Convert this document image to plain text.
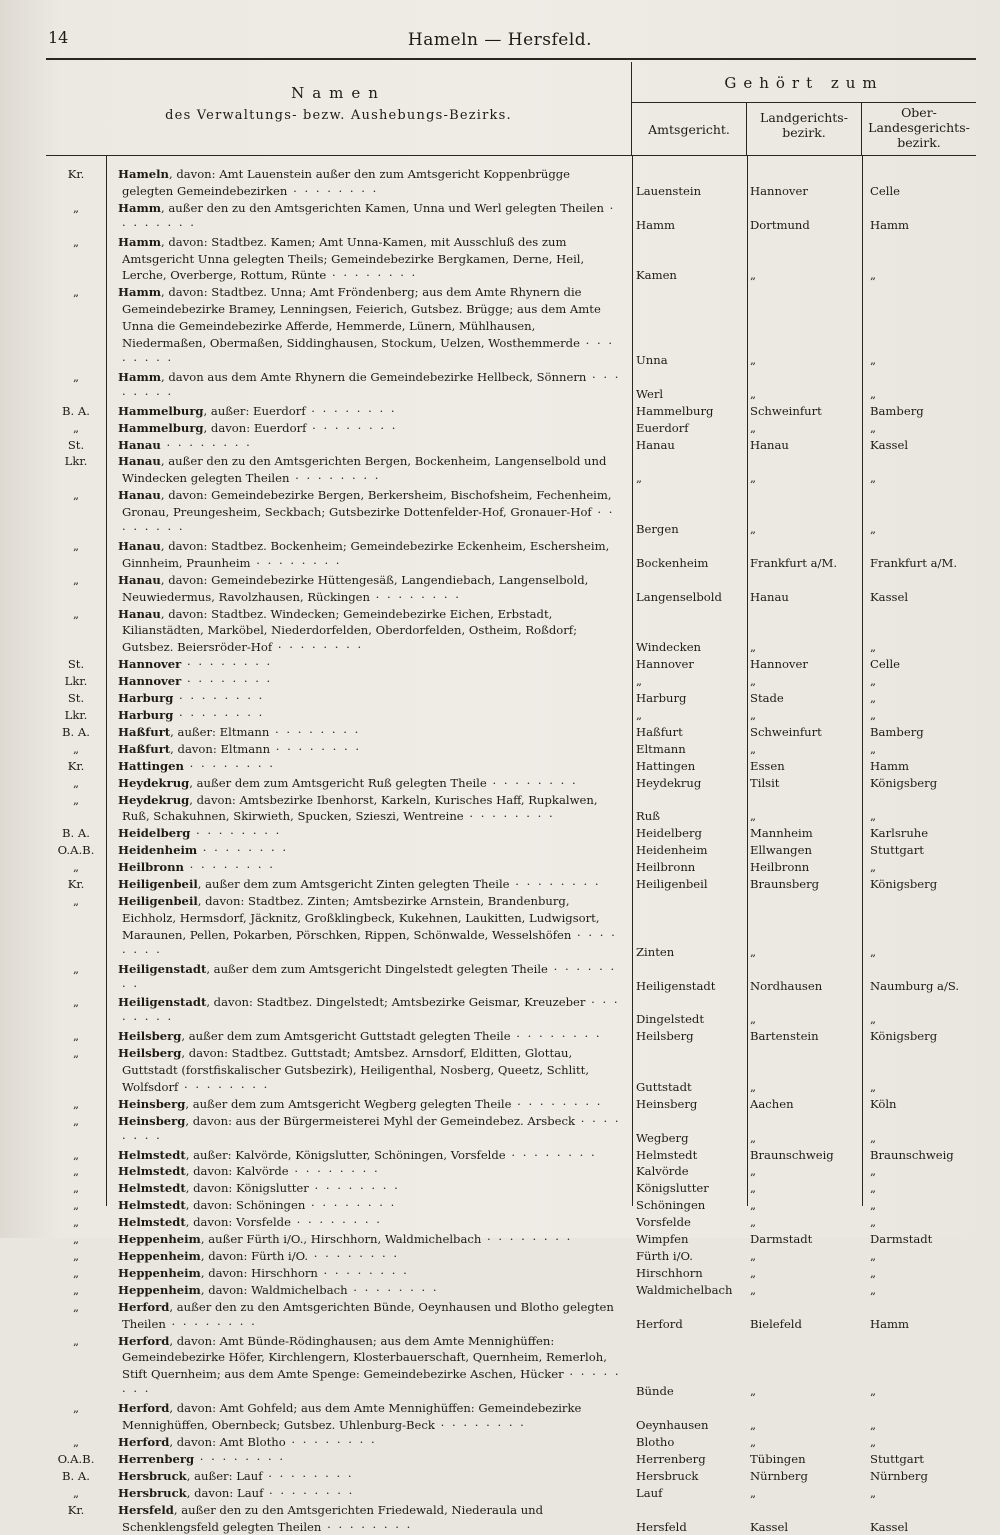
14	Hameln — Hersfeld.
Namen
des Verwaltungs- bezw. Aushebungs-Bezirks.
Gehört zum
Amtsgericht.
Landgerichts-bezirk.
Ober-Landesgerichts-bezirk.
Kr.	Hameln, davon: Amt Lauenstein außer den zum Amtsgericht Koppenbrügge gelegten Gemeindebezirken · · · · · · · ·	Lauenstein	Hannover	Celle
„	Hamm, außer den zu den Amtsgerichten Kamen, Unna und Werl gelegten Theilen · · · · · · · ·	Hamm	Dortmund	Hamm
„	Hamm, davon: Stadtbez. Kamen; Amt Unna-Kamen, mit Ausschluß des zum Amtsgericht Unna gelegten Theils; Gemeindebezirke Bergkamen, Derne, Heil, Lerche, Overberge, Rottum, Rünte · · · · · · · ·	Kamen	„	„
„	Hamm, davon: Stadtbez. Unna; Amt Fröndenberg; aus dem Amte Rhynern die Gemeindebezirke Bramey, Lenningsen, Feierich, Gutsbez. Brügge; aus dem Amte Unna die Gemeindebezirke Afferde, Hemmerde, Lünern, Mühlhausen, Niedermaßen, Obermaßen, Siddinghausen, Stockum, Uelzen, Wosthemmerde · · · · · · · ·	Unna	„	„
„	Hamm, davon aus dem Amte Rhynern die Gemeindebezirke Hellbeck, Sönnern · · · · · · · ·	Werl	„	„
B. A.	Hammelburg, außer: Euerdorf · · · · · · · ·	Hammelburg	Schweinfurt	Bamberg
„	Hammelburg, davon: Euerdorf · · · · · · · ·	Euerdorf	„	„
St.	Hanau · · · · · · · ·	Hanau	Hanau	Kassel
Lkr.	Hanau, außer den zu den Amtsgerichten Bergen, Bockenheim, Langenselbold und Windecken gelegten Theilen · · · · · · · ·	„	„	„
„	Hanau, davon: Gemeindebezirke Bergen, Berkersheim, Bischofsheim, Fechenheim, Gronau, Preungesheim, Seckbach; Gutsbezirke Dottenfelder-Hof, Gronauer-Hof · · · · · · · ·	Bergen	„	„
„	Hanau, davon: Stadtbez. Bockenheim; Gemeindebezirke Eckenheim, Eschersheim, Ginnheim, Praunheim · · · · · · · ·	Bockenheim	Frankfurt a/M.	Frankfurt a/M.
„	Hanau, davon: Gemeindebezirke Hüttengesäß, Langendiebach, Langenselbold, Neuwiedermus, Ravolzhausen, Rückingen · · · · · · · ·	Langenselbold	Hanau	Kassel
„	Hanau, davon: Stadtbez. Windecken; Gemeindebezirke Eichen, Erbstadt, Kilianstädten, Marköbel, Niederdorfelden, Oberdorfelden, Ostheim, Roßdorf; Gutsbez. Beiersröder-Hof · · · · · · · ·	Windecken	„	„
St.	Hannover · · · · · · · ·	Hannover	Hannover	Celle
Lkr.	Hannover · · · · · · · ·	„	„	„
St.	Harburg · · · · · · · ·	Harburg	Stade	„
Lkr.	Harburg · · · · · · · ·	„	„	„
B. A.	Haßfurt, außer: Eltmann · · · · · · · ·	Haßfurt	Schweinfurt	Bamberg
„	Haßfurt, davon: Eltmann · · · · · · · ·	Eltmann	„	„
Kr.	Hattingen · · · · · · · ·	Hattingen	Essen	Hamm
„	Heydekrug, außer dem zum Amtsgericht Ruß gelegten Theile · · · · · · · ·	Heydekrug	Tilsit	Königsberg
„	Heydekrug, davon: Amtsbezirke Ibenhorst, Karkeln, Kurisches Haff, Rupkalwen, Ruß, Schakuhnen, Skirwieth, Spucken, Szieszi, Wentreine · · · · · · · ·	Ruß	„	„
B. A.	Heidelberg · · · · · · · ·	Heidelberg	Mannheim	Karlsruhe
O.A.B.	Heidenheim · · · · · · · ·	Heidenheim	Ellwangen	Stuttgart
„	Heilbronn · · · · · · · ·	Heilbronn	Heilbronn	„
Kr.	Heiligenbeil, außer dem zum Amtsgericht Zinten gelegten Theile · · · · · · · ·	Heiligenbeil	Braunsberg	Königsberg
„	Heiligenbeil, davon: Stadtbez. Zinten; Amtsbezirke Arnstein, Brandenburg, Eichholz, Hermsdorf, Jäcknitz, Großklingbeck, Kukehnen, Laukitten, Ludwigsort, Maraunen, Pellen, Pokarben, Pörschken, Rippen, Schönwalde, Wesselshöfen · · · · · · · ·	Zinten	„	„
„	Heiligenstadt, außer dem zum Amtsgericht Dingelstedt gelegten Theile · · · · · · · ·	Heiligenstadt	Nordhausen	Naumburg a/S.
„	Heiligenstadt, davon: Stadtbez. Dingelstedt; Amtsbezirke Geismar, Kreuzeber · · · · · · · ·	Dingelstedt	„	„
„	Heilsberg, außer dem zum Amtsgericht Guttstadt gelegten Theile · · · · · · · ·	Heilsberg	Bartenstein	Königsberg
„	Heilsberg, davon: Stadtbez. Guttstadt; Amtsbez. Arnsdorf, Elditten, Glottau, Guttstadt (forstfiskalischer Gutsbezirk), Heiligenthal, Nosberg, Queetz, Schlitt, Wolfsdorf · · · · · · · ·	Guttstadt	„	„
„	Heinsberg, außer dem zum Amtsgericht Wegberg gelegten Theile · · · · · · · ·	Heinsberg	Aachen	Köln
„	Heinsberg, davon: aus der Bürgermeisterei Myhl der Gemeindebez. Arsbeck · · · · · · · ·	Wegberg	„	„
„	Helmstedt, außer: Kalvörde, Königslutter, Schöningen, Vorsfelde · · · · · · · ·	Helmstedt	Braunschweig	Braunschweig
„	Helmstedt, davon: Kalvörde · · · · · · · ·	Kalvörde	„	„
„	Helmstedt, davon: Königslutter · · · · · · · ·	Königslutter	„	„
„	Helmstedt, davon: Schöningen · · · · · · · ·	Schöningen	„	„
„	Helmstedt, davon: Vorsfelde · · · · · · · ·	Vorsfelde	„	„
„	Heppenheim, außer Fürth i/O., Hirschhorn, Waldmichelbach · · · · · · · ·	Wimpfen	Darmstadt	Darmstadt
„	Heppenheim, davon: Fürth i/O. · · · · · · · ·	Fürth i/O.	„	„
„	Heppenheim, davon: Hirschhorn · · · · · · · ·	Hirschhorn	„	„
„	Heppenheim, davon: Waldmichelbach · · · · · · · ·	Waldmichelbach	„	„
„	Herford, außer den zu den Amtsgerichten Bünde, Oeynhausen und Blotho gelegten Theilen · · · · · · · ·	Herford	Bielefeld	Hamm
„	Herford, davon: Amt Bünde-Rödinghausen; aus dem Amte Mennighüffen: Gemeindebezirke Höfer, Kirchlengern, Klosterbauerschaft, Quernheim, Remerloh, Stift Quernheim; aus dem Amte Spenge: Gemeindebezirke Aschen, Hücker · · · · · · · ·	Bünde	„	„
„	Herford, davon: Amt Gohfeld; aus dem Amte Mennighüffen: Gemeindebezirke Mennighüffen, Obernbeck; Gutsbez. Uhlenburg-Beck · · · · · · · ·	Oeynhausen	„	„
„	Herford, davon: Amt Blotho · · · · · · · ·	Blotho	„	„
O.A.B.	Herrenberg · · · · · · · ·	Herrenberg	Tübingen	Stuttgart
B. A.	Hersbruck, außer: Lauf · · · · · · · ·	Hersbruck	Nürnberg	Nürnberg
„	Hersbruck, davon: Lauf · · · · · · · ·	Lauf	„	„
Kr.	Hersfeld, außer den zu den Amtsgerichten Friedewald, Niederaula und Schenklengsfeld gelegten Theilen · · · · · · · ·	Hersfeld	Kassel	Kassel
